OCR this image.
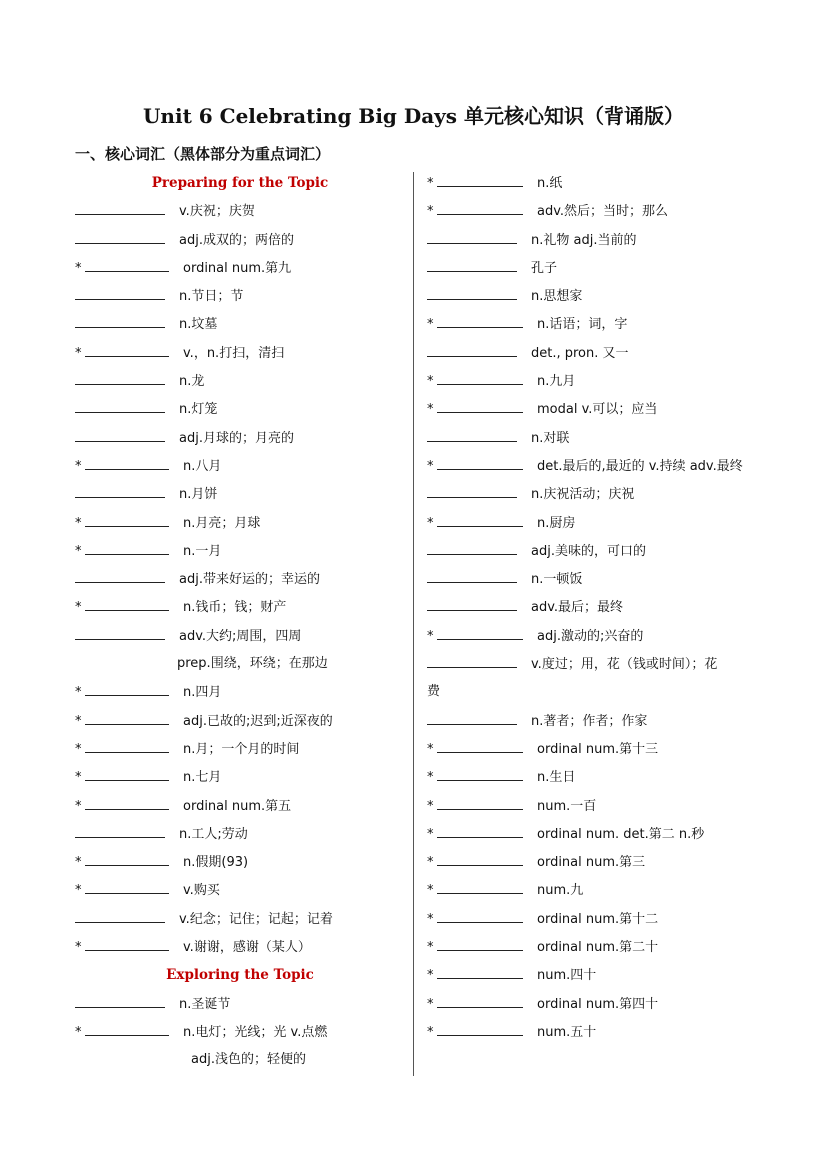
Unit 6 Celebrating Big Days 单元核心知识（背诵版）
一、核心词汇（黑体部分为重点词汇）
Preparing for the Topic
v.庆祝；庆贺
adj.成双的；两倍的
*	ordinal num.第九
n.节日；节
n.坟墓
*	v.，n.打扫，清扫
n.龙
n.灯笼
adj.月球的；月亮的
*	n.八月
n.月饼
*	n.月亮；月球
*	n.一月
adj.带来好运的；幸运的
*	n.钱币；钱；财产
adv.大约;周围，四周
prep.围绕，环绕；在那边
*	n.四月
*	adj.已故的;迟到;近深夜的
*	n.月；一个月的时间
*	n.七月
*	ordinal num.第五
n.工人;劳动
*	n.假期(93)
*	v.购买
v.纪念；记住；记起；记着
*	v.谢谢，感谢（某人）
Exploring the Topic
n.圣诞节
*	n.电灯；光线；光 v.点燃
adj.浅色的；轻便的
*	n.纸
*	adv.然后；当时；那么
n.礼物 adj.当前的
孔子
n.思想家
*	n.话语；词，字
det., pron. 又一
*	n.九月
*	modal v.可以；应当
n.对联
*	det.最后的,最近的 v.持续 adv.最终
n.庆祝活动；庆祝
*	n.厨房
adj.美味的，可口的
n.一顿饭
adv.最后；最终
*	adj.激动的;兴奋的
v.度过；用，花（钱或时间）；花
费
n.著者；作者；作家
*	ordinal num.第十三
*	n.生日
*	num.一百
*	ordinal num. det.第二 n.秒
*	ordinal num.第三
*	num.九
*	ordinal num.第十二
*	ordinal num.第二十
*	num.四十
*	ordinal num.第四十
*	num.五十
